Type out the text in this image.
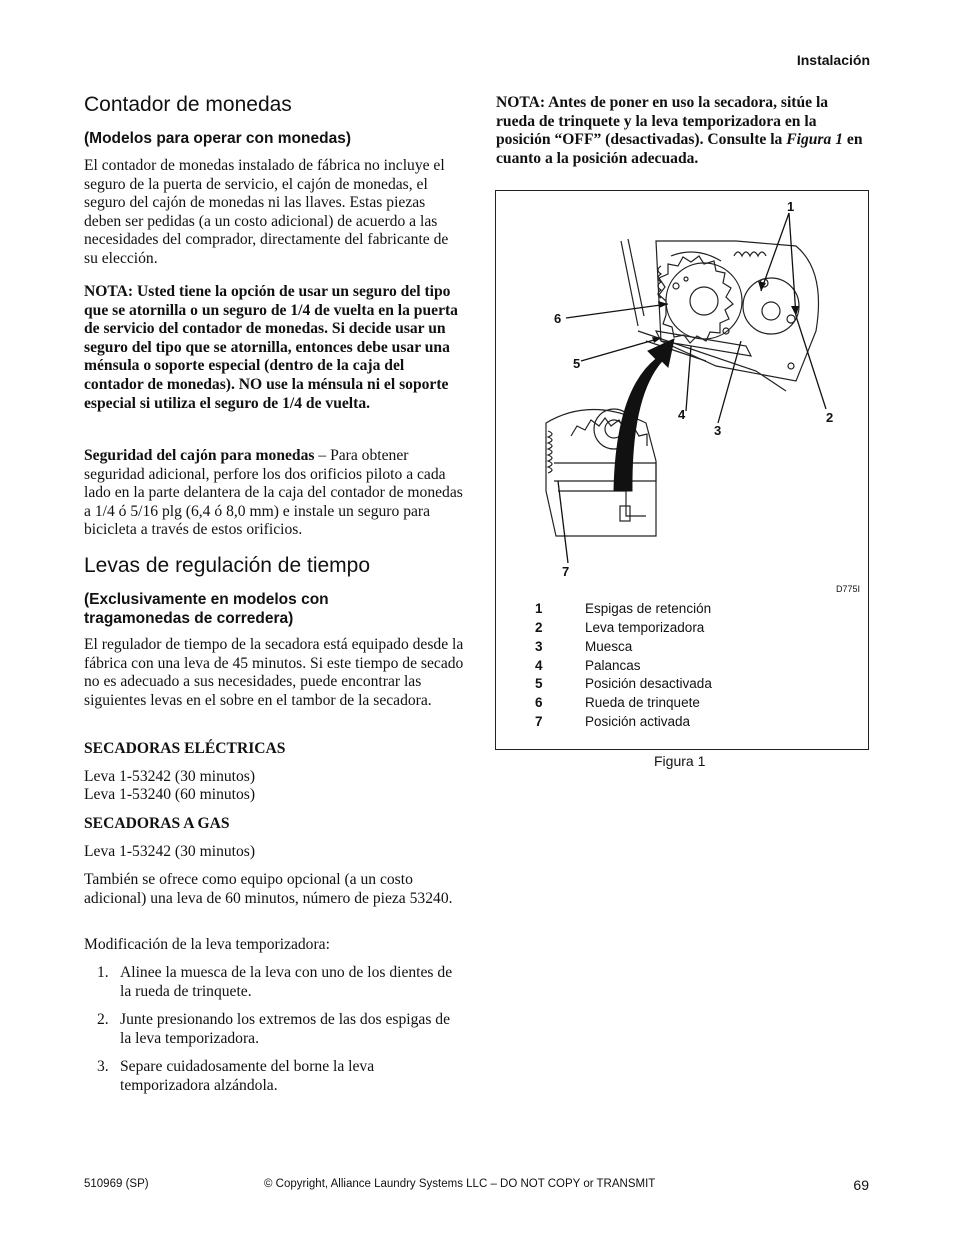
Instalación
Contador de monedas
(Modelos para operar con monedas)

El contador de monedas instalado de fábrica no incluye el seguro de la puerta de servicio, el cajón de monedas, el seguro del cajón de monedas ni las llaves. Estas piezas deben ser pedidas (a un costo adicional) de acuerdo a las necesidades del comprador, directamente del fabricante de su elección.

NOTA: Usted tiene la opción de usar un seguro del tipo que se atornilla o un seguro de 1/4 de vuelta en la puerta de servicio del contador de monedas. Si decide usar un seguro del tipo que se atornilla, entonces debe usar una ménsula o soporte especial (dentro de la caja del contador de monedas). NO use la ménsula ni el soporte especial si utiliza el seguro de 1/4 de vuelta.

Seguridad del cajón para monedas – Para obtener seguridad adicional, perfore los dos orificios piloto a cada lado en la parte delantera de la caja del contador de monedas a 1/4 ó 5/16 plg (6,4 ó 8,0 mm) e instale un seguro para bicicleta a través de estos orificios.

Levas de regulación de tiempo
(Exclusivamente en modelos con tragamonedas de corredera)

El regulador de tiempo de la secadora está equipado desde la fábrica con una leva de 45 minutos. Si este tiempo de secado no es adecuado a sus necesidades, puede encontrar las siguientes levas en el sobre en el tambor de la secadora.

SECADORAS ELÉCTRICAS
Leva 1-53242 (30 minutos)
Leva 1-53240 (60 minutos)
SECADORAS A GAS
Leva 1-53242 (30 minutos)

También se ofrece como equipo opcional (a un costo adicional) una leva de 60 minutos, número de pieza 53240.

Modificación de la leva temporizadora:

1. Alinee la muesca de la leva con uno de los dientes de la rueda de trinquete.
2. Junte presionando los extremos de las dos espigas de la leva temporizadora.
3. Separe cuidadosamente del borne la leva temporizadora alzándola.

NOTA: Antes de poner en uso la secadora, sitúe la rueda de trinquete y la leva temporizadora en la posición “OFF” (desactivadas). Consulte la Figura 1 en cuanto a la posición adecuada.

1
2
3
4
5
6
7
D775I
1	Espigas de retención
2	Leva temporizadora
3	Muesca
4	Palancas
5	Posición desactivada
6	Rueda de trinquete
7	Posición activada
Figura 1
510969 (SP)	© Copyright, Alliance Laundry Systems LLC – DO NOT COPY or TRANSMIT	69
